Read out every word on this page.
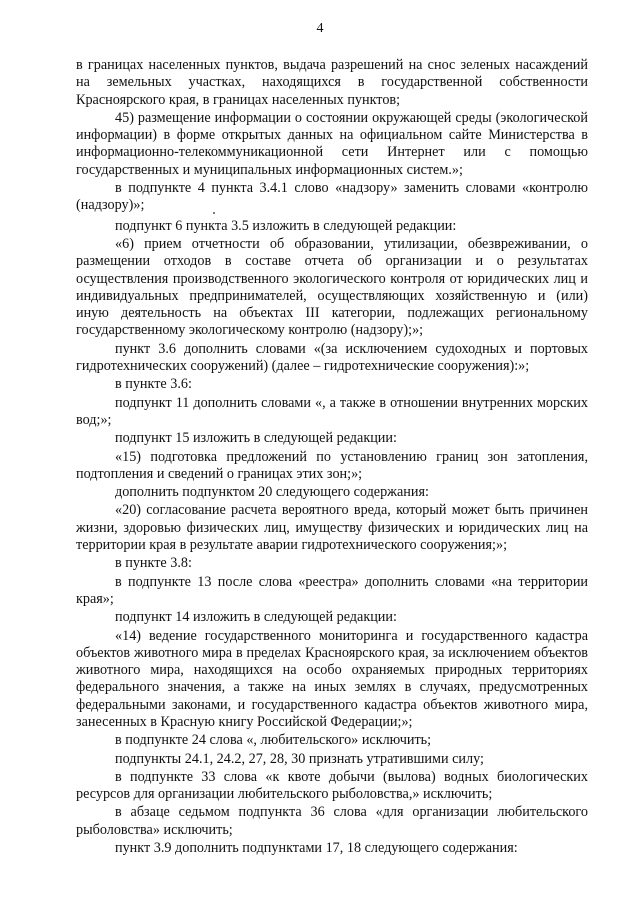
4

в границах населенных пунктов, выдача разрешений на снос зеленых насаждений на земельных участках, находящихся в государственной собственности Красноярского края, в границах населенных пунктов;

45) размещение информации о состоянии окружающей среды (экологической информации) в форме открытых данных на официальном сайте Министерства в информационно-телекоммуникационной сети Интернет или с помощью государственных и муниципальных информационных систем.»;

в подпункте 4 пункта 3.4.1 слово «надзору» заменить словами «контролю (надзору)»;

подпункт 6 пункта 3.5 изложить в следующей редакции:

«6) прием отчетности об образовании, утилизации, обезвреживании, о размещении отходов в составе отчета об организации и о результатах осуществления производственного экологического контроля от юридических лиц и индивидуальных предпринимателей, осуществляющих хозяйственную и (или) иную деятельность на объектах III категории, подлежащих региональному государственному экологическому контролю (надзору);»;

пункт 3.6 дополнить словами «(за исключением судоходных и портовых гидротехнических сооружений) (далее – гидротехнические сооружения):»;

в пункте 3.6:

подпункт 11 дополнить словами «, а также в отношении внутренних морских вод;»;

подпункт 15 изложить в следующей редакции:

«15) подготовка предложений по установлению границ зон затопления, подтопления и сведений о границах этих зон;»;

дополнить подпунктом 20 следующего содержания:

«20) согласование расчета вероятного вреда, который может быть причинен жизни, здоровью физических лиц, имуществу физических и юридических лиц на территории края в результате аварии гидротехнического сооружения;»;

в пункте 3.8:

в подпункте 13 после слова «реестра» дополнить словами «на территории края»;

подпункт 14 изложить в следующей редакции:

«14) ведение государственного мониторинга и государственного кадастра объектов животного мира в пределах Красноярского края, за исключением объектов животного мира, находящихся на особо охраняемых природных территориях федерального значения, а также на иных землях в случаях, предусмотренных федеральными законами, и государственного кадастра объектов животного мира, занесенных в Красную книгу Российской Федерации;»;

в подпункте 24 слова «, любительского» исключить;

подпункты 24.1, 24.2, 27, 28, 30 признать утратившими силу;

в подпункте 33 слова «к квоте добычи (вылова) водных биологических ресурсов для организации любительского рыболовства,» исключить;

в абзаце седьмом подпункта 36 слова «для организации любительского рыболовства» исключить;

пункт 3.9 дополнить подпунктами 17, 18 следующего содержания:
